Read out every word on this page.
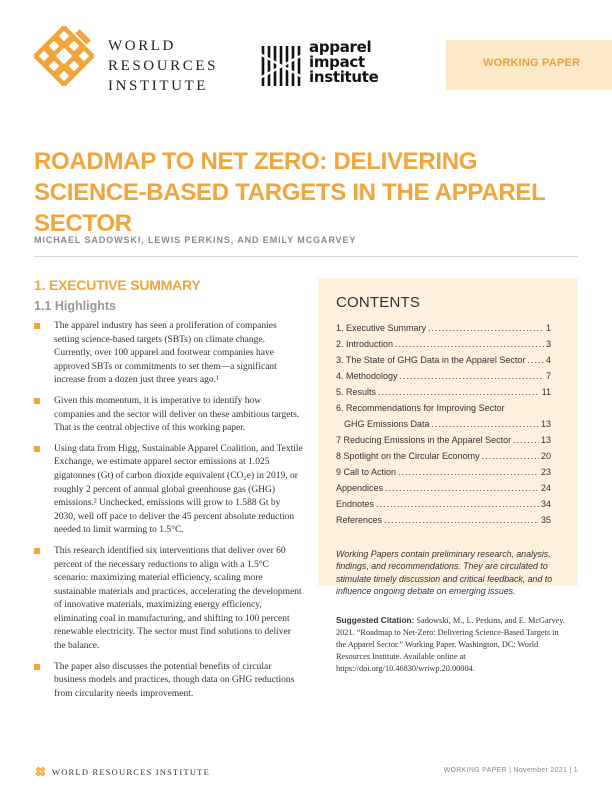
WORLD
RESOURCES
INSTITUTE
apparel
impact
institute
WORKING PAPER
ROADMAP TO NET ZERO: DELIVERING SCIENCE-BASED TARGETS IN THE APPAREL SECTOR
MICHAEL SADOWSKI, LEWIS PERKINS, AND EMILY MCGARVEY
1. EXECUTIVE SUMMARY
1.1 Highlights
The apparel industry has seen a proliferation of companies setting science-based targets (SBTs) on climate change. Currently, over 100 apparel and footwear companies have approved SBTs or commitments to set them—a significant increase from a dozen just three years ago.¹
Given this momentum, it is imperative to identify how companies and the sector will deliver on these ambitious targets. That is the central objective of this working paper.
Using data from Higg, Sustainable Apparel Coalition, and Textile Exchange, we estimate apparel sector emissions at 1.025 gigatonnes (Gt) of carbon dioxide equivalent (CO₂e) in 2019, or roughly 2 percent of annual global greenhouse gas (GHG) emissions.² Unchecked, emissions will grow to 1.588 Gt by 2030, well off pace to deliver the 45 percent absolute reduction needed to limit warming to 1.5°C.
This research identified six interventions that deliver over 60 percent of the necessary reductions to align with a 1.5°C scenario: maximizing material efficiency, scaling more sustainable materials and practices, accelerating the development of innovative materials, maximizing energy efficiency, eliminating coal in manufacturing, and shifting to 100 percent renewable electricity. The sector must find solutions to deliver the balance.
The paper also discusses the potential benefits of circular business models and practices, though data on GHG reductions from circularity needs improvement.
CONTENTS
1. Executive Summary .....	1
2. Introduction .....	3
3. The State of GHG Data in the Apparel Sector ..... 4
4. Methodology .....	7
5. Results .....	11
6. Recommendations for Improving Sector
GHG Emissions Data .....	13
7 Reducing Emissions in the Apparel Sector .....	13
8 Spotlight on the Circular Economy .....	20
9 Call to Action .....	23
Appendices .....	24
Endnotes .....	34
References .....	35

Working Papers contain preliminary research, analysis, findings, and recommendations. They are circulated to stimulate timely discussion and critical feedback, and to influence ongoing debate on emerging issues.

Suggested Citation: Sadowski, M., L. Perkins, and E. McGarvey. 2021. “Roadmap to Net-Zero: Delivering Science-Based Targets in the Apparel Sector.” Working Paper. Washington, DC: World Resources Institute. Available online at https://doi.org/10.46830/wriwp.20.00004.

WORLD RESOURCES INSTITUTE	WORKING PAPER | November 2021 | 1
